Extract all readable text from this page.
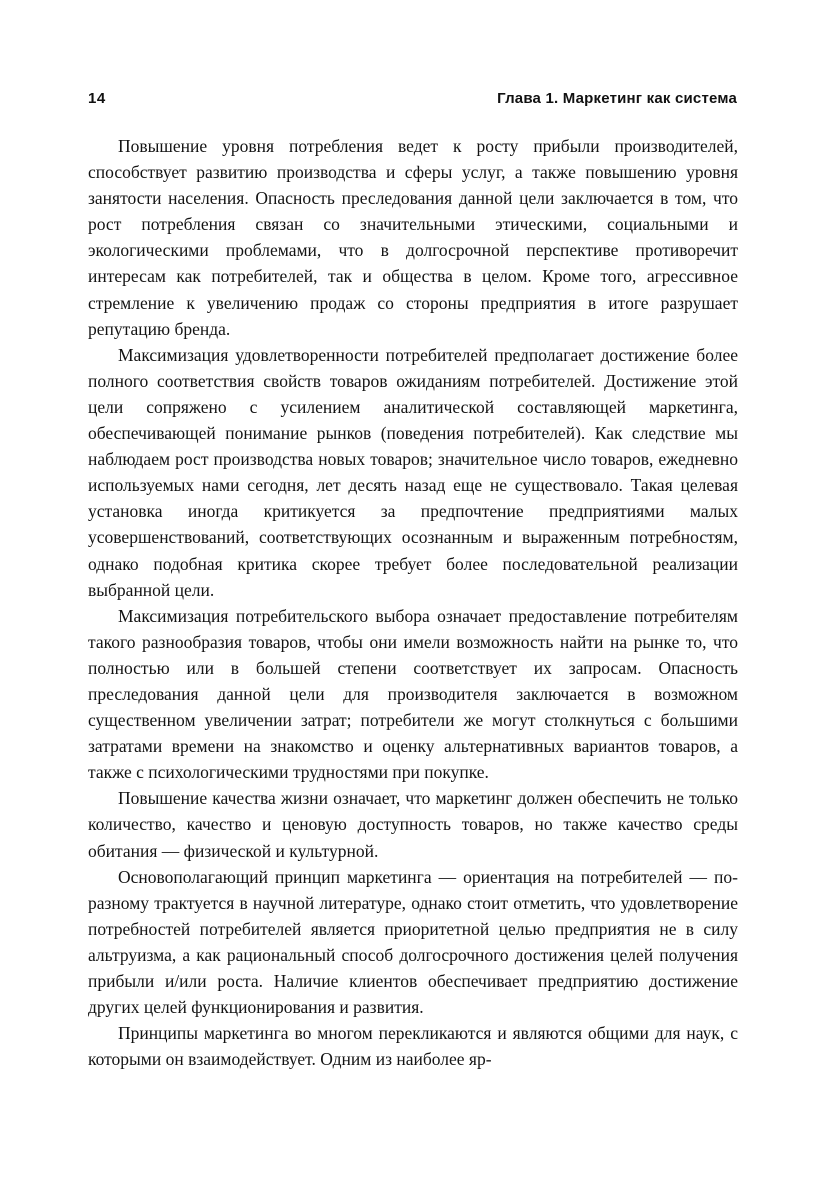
14	Глава 1. Маркетинг как система

Повышение уровня потребления ведет к росту прибыли производителей, способствует развитию производства и сферы услуг, а также повышению уровня занятости населения. Опасность преследования данной цели заключается в том, что рост потребления связан со значительными этическими, социальными и экологическими проблемами, что в долгосрочной перспективе противоречит интересам как потребителей, так и общества в целом. Кроме того, агрессивное стремление к увеличению продаж со стороны предприятия в итоге разрушает репутацию бренда.

Максимизация удовлетворенности потребителей предполагает достижение более полного соответствия свойств товаров ожиданиям потребителей. Достижение этой цели сопряжено с усилением аналитической составляющей маркетинга, обеспечивающей понимание рынков (поведения потребителей). Как следствие мы наблюдаем рост производства новых товаров; значительное число товаров, ежедневно используемых нами сегодня, лет десять назад еще не существовало. Такая целевая установка иногда критикуется за предпочтение предприятиями малых усовершенствований, соответствующих осознанным и выраженным потребностям, однако подобная критика скорее требует более последовательной реализации выбранной цели.

Максимизация потребительского выбора означает предоставление потребителям такого разнообразия товаров, чтобы они имели возможность найти на рынке то, что полностью или в большей степени соответствует их запросам. Опасность преследования данной цели для производителя заключается в возможном существенном увеличении затрат; потребители же могут столкнуться с большими затратами времени на знакомство и оценку альтернативных вариантов товаров, а также с психологическими трудностями при покупке.

Повышение качества жизни означает, что маркетинг должен обеспечить не только количество, качество и ценовую доступность товаров, но также качество среды обитания — физической и культурной.

Основополагающий принцип маркетинга — ориентация на потребителей — по-разному трактуется в научной литературе, однако стоит отметить, что удовлетворение потребностей потребителей является приоритетной целью предприятия не в силу альтруизма, а как рациональный способ долгосрочного достижения целей получения прибыли и/или роста. Наличие клиентов обеспечивает предприятию достижение других целей функционирования и развития.

Принципы маркетинга во многом перекликаются и являются общими для наук, с которыми он взаимодействует. Одним из наиболее яр-
